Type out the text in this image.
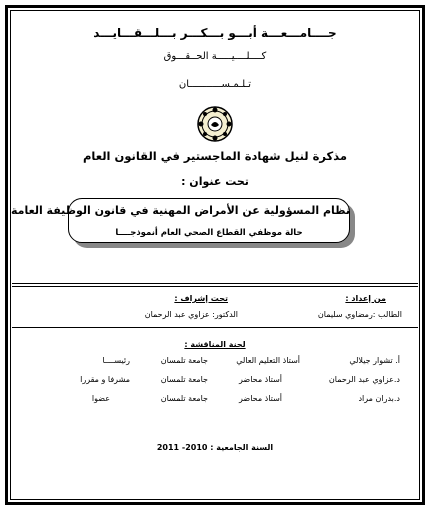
جــــامـــعـــة أبـــو بـــكـــر بـــلـــقـــايـــد
كــــلــــيـــــة الحــقـــوق
تـلـمـســـــــــــان
مذكرة لنيل شهادة الماجستير في القانون العام
تحت عنوان :
نظام المسؤولية عن الأمراض المهنية في قانون الوظيفة العامة
حالة موظفي القطاع الصحي العام أنموذجــــا
من إعداد :
تحت إشراف :
الطالب :رمضاوي سليمان
الدكتور: عزاوي عبد الرحمان
لجنة المناقشة :
أ. تشوار جيلالي
أستاذ التعليم العالي
جامعة تلمسان
رئيســــا
د.عزاوي عبد الرحمان
أستاذ محاضر
جامعة تلمسان
مشرفا و مقررا
د.بدران مراد
أستاذ محاضر
جامعة تلمسان
عضوا
السنة الجامعية : 2010- 2011
